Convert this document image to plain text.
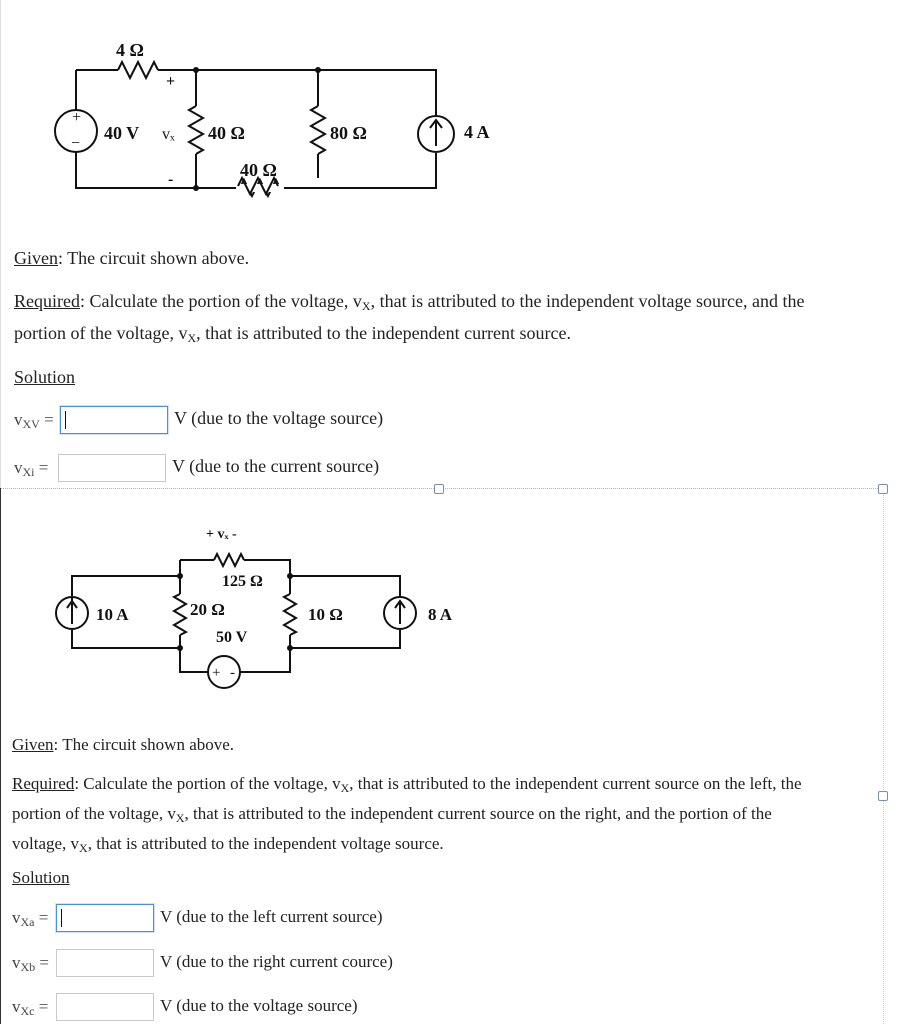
4 Ω
+
+
−
40 V vₓ 40 Ω
-	40 Ω
80 Ω	4 A
Given: The circuit shown above.
Required: Calculate the portion of the voltage, $v_X$, that is attributed to the independent voltage source, and the
portion of the voltage, $v_X$, that is attributed to the independent current source.
Solution
$v_{XV}$ =	V (due to the voltage source)
$v_{Xi}$ =	V (due to the current source)
+ vₓ -
125 Ω
10 A	20 Ω
50 V
+ -
10 Ω	8 A
Given: The circuit shown above.
Required: Calculate the portion of the voltage, $v_X$, that is attributed to the independent current source on the left, the
portion of the voltage, $v_X$, that is attributed to the independent current source on the right, and the portion of the
voltage, $v_X$, that is attributed to the independent voltage source.
Solution
$v_{Xa}$ =	V (due to the left current source)
$v_{Xb}$ =	V (due to the right current cource)
$v_{Xc}$ =	V (due to the voltage source)
